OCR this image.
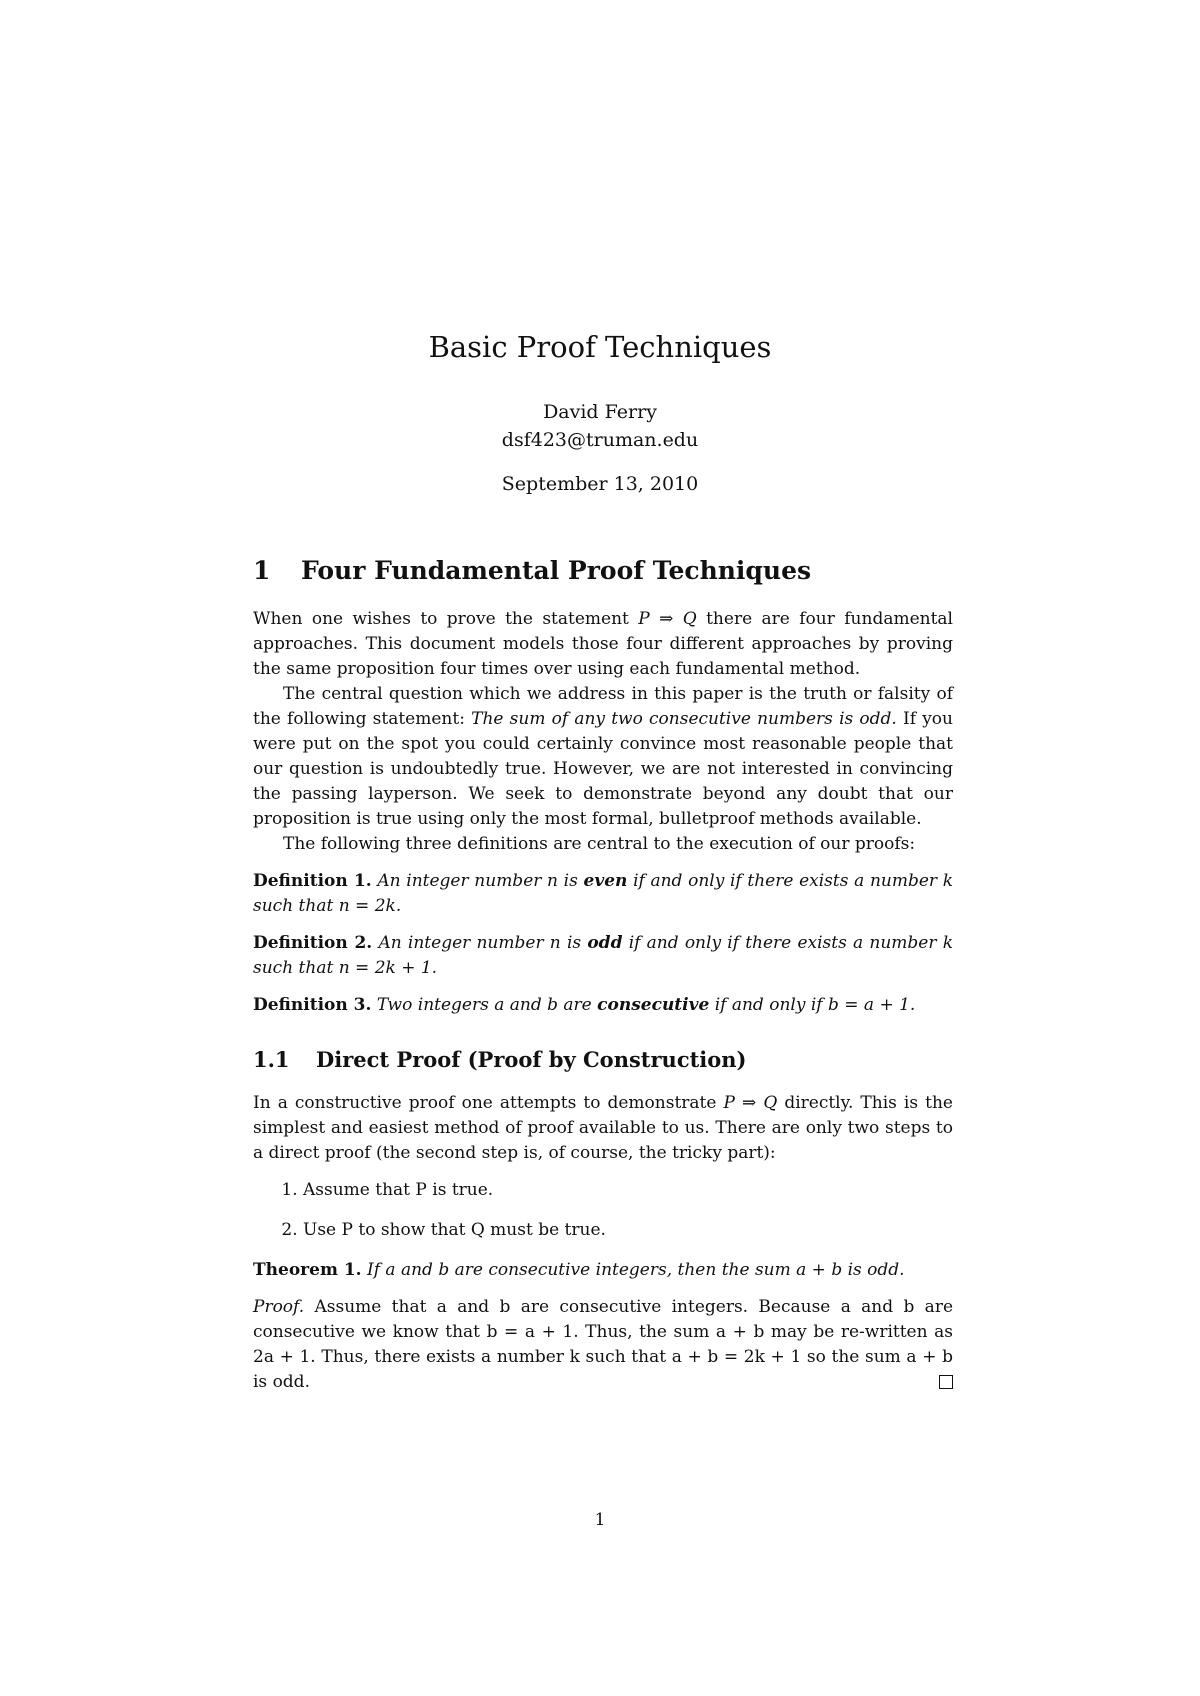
Basic Proof Techniques
David Ferry
dsf423@truman.edu
September 13, 2010
1 Four Fundamental Proof Techniques

When one wishes to prove the statement P ⇒ Q there are four fundamental approaches. This document models those four different approaches by proving the same proposition four times over using each fundamental method.

The central question which we address in this paper is the truth or falsity of the following statement: The sum of any two consecutive numbers is odd. If you were put on the spot you could certainly convince most reasonable people that our question is undoubtedly true. However, we are not interested in convincing the passing layperson. We seek to demonstrate beyond any doubt that our proposition is true using only the most formal, bulletproof methods available.

The following three definitions are central to the execution of our proofs:

Definition 1. An integer number n is even if and only if there exists a number k such that n = 2k.

Definition 2. An integer number n is odd if and only if there exists a number k such that n = 2k + 1.

Definition 3. Two integers a and b are consecutive if and only if b = a + 1.

1.1 Direct Proof (Proof by Construction)

In a constructive proof one attempts to demonstrate P ⇒ Q directly. This is the simplest and easiest method of proof available to us. There are only two steps to a direct proof (the second step is, of course, the tricky part):

1. Assume that P is true.
2. Use P to show that Q must be true.

Theorem 1. If a and b are consecutive integers, then the sum a + b is odd.

Proof. Assume that a and b are consecutive integers. Because a and b are consecutive we know that b = a + 1. Thus, the sum a + b may be re-written as 2a + 1. Thus, there exists a number k such that a + b = 2k + 1 so the sum a + b is odd.

1
